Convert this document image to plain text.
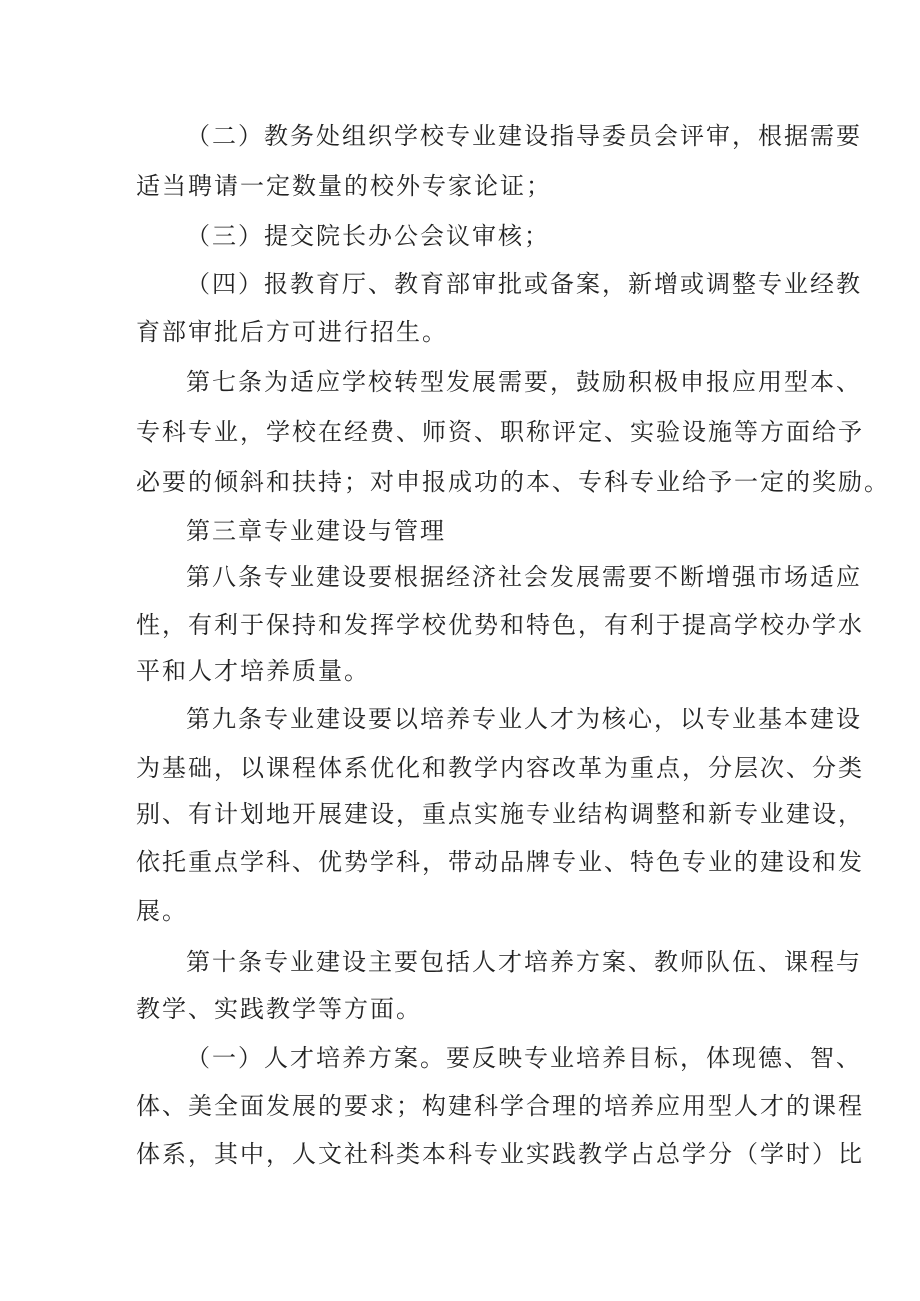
（二）教务处组织学校专业建设指导委员会评审，根据需要

适当聘请一定数量的校外专家论证；

（三）提交院长办公会议审核；

（四）报教育厅、教育部审批或备案，新增或调整专业经教

育部审批后方可进行招生。

第七条为适应学校转型发展需要，鼓励积极申报应用型本、

专科专业，学校在经费、师资、职称评定、实验设施等方面给予

必要的倾斜和扶持；对申报成功的本、专科专业给予一定的奖励。

第三章专业建设与管理

第八条专业建设要根据经济社会发展需要不断增强市场适应

性，有利于保持和发挥学校优势和特色，有利于提高学校办学水

平和人才培养质量。

第九条专业建设要以培养专业人才为核心，以专业基本建设

为基础，以课程体系优化和教学内容改革为重点，分层次、分类

别、有计划地开展建设，重点实施专业结构调整和新专业建设，

依托重点学科、优势学科，带动品牌专业、特色专业的建设和发

展。

第十条专业建设主要包括人才培养方案、教师队伍、课程与

教学、实践教学等方面。

（一）人才培养方案。要反映专业培养目标，体现德、智、

体、美全面发展的要求；构建科学合理的培养应用型人才的课程

体系，其中，人文社科类本科专业实践教学占总学分（学时）比
